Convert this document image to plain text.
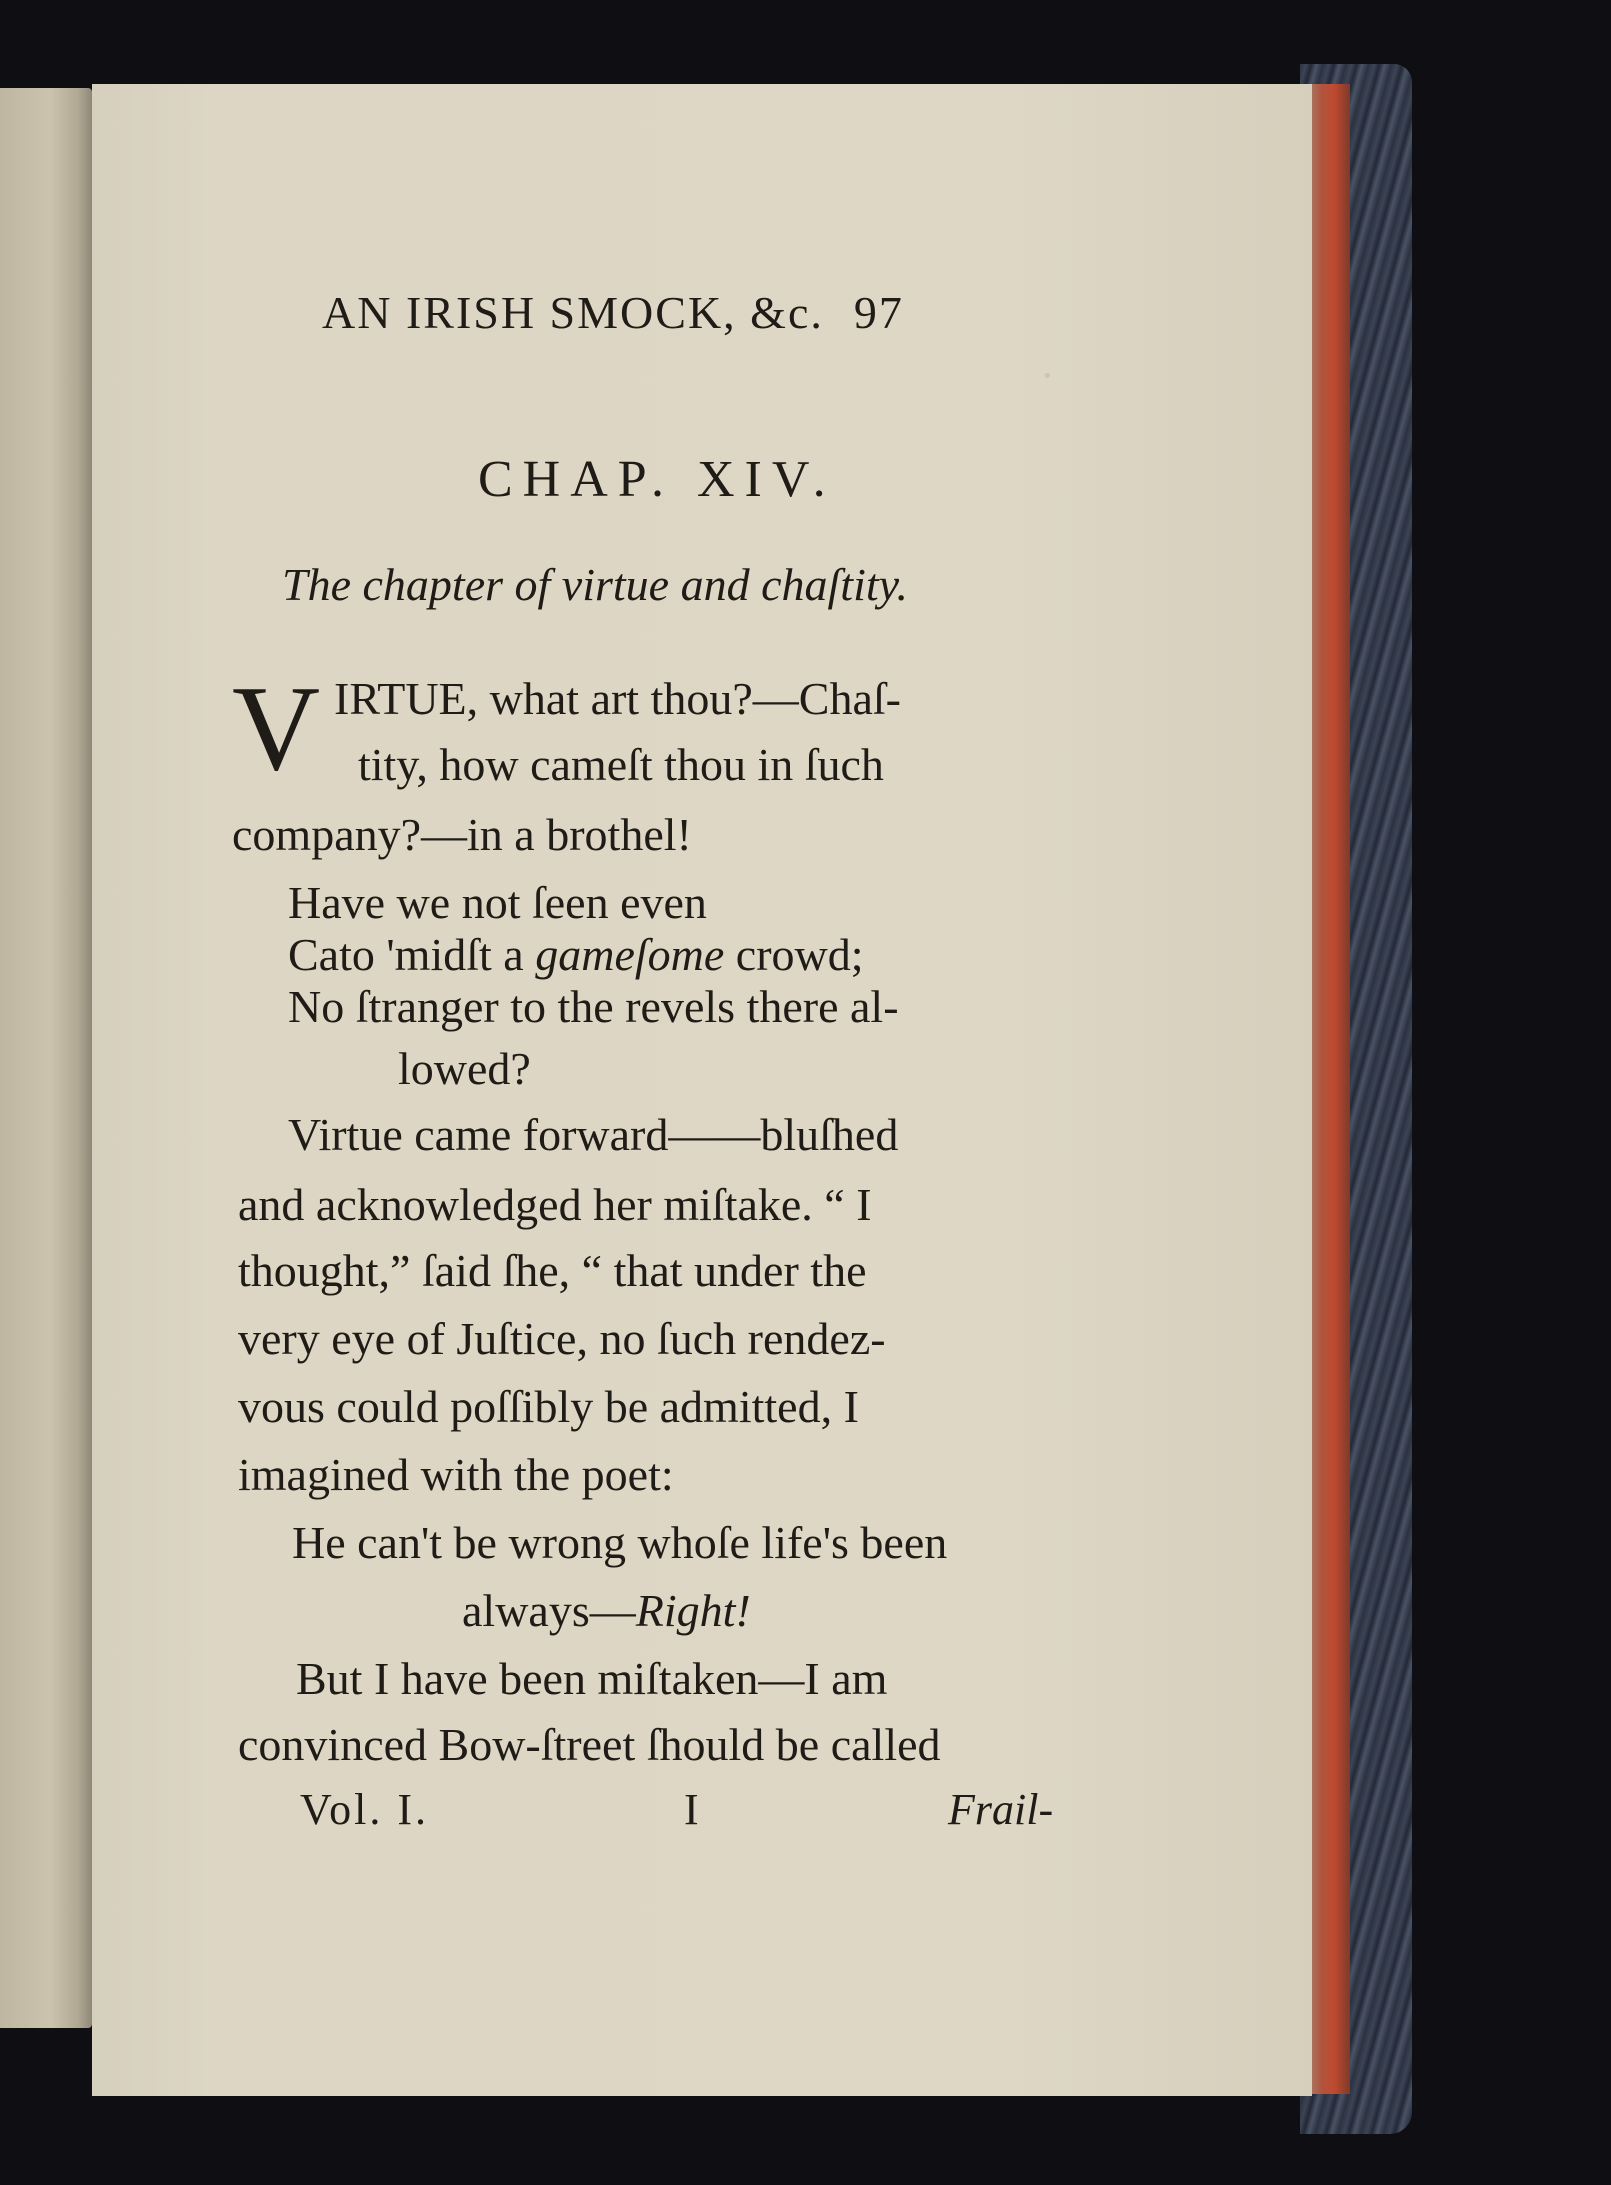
·
AN IRISH SMOCK, &c. 97
CHAP. XIV.
The chapter of virtue and chaſtity.
V IRTUE, what art thou?—Chaſ-
tity, how cameſt thou in ſuch
company?—in a brothel!
Have we not ſeen even
Cato 'midſt a gameſome crowd;
No ſtranger to the revels there al-
lowed?
Virtue came forward——bluſhed
and acknowledged her miſtake. “ I
thought,” ſaid ſhe, “ that under the
very eye of Juſtice, no ſuch rendez-
vous could poſſibly be admitted, I
imagined with the poet:
He can't be wrong whoſe life's been
always—Right!
But I have been miſtaken—I am
convinced Bow-ſtreet ſhould be called
Vol. I.	I	Frail-
